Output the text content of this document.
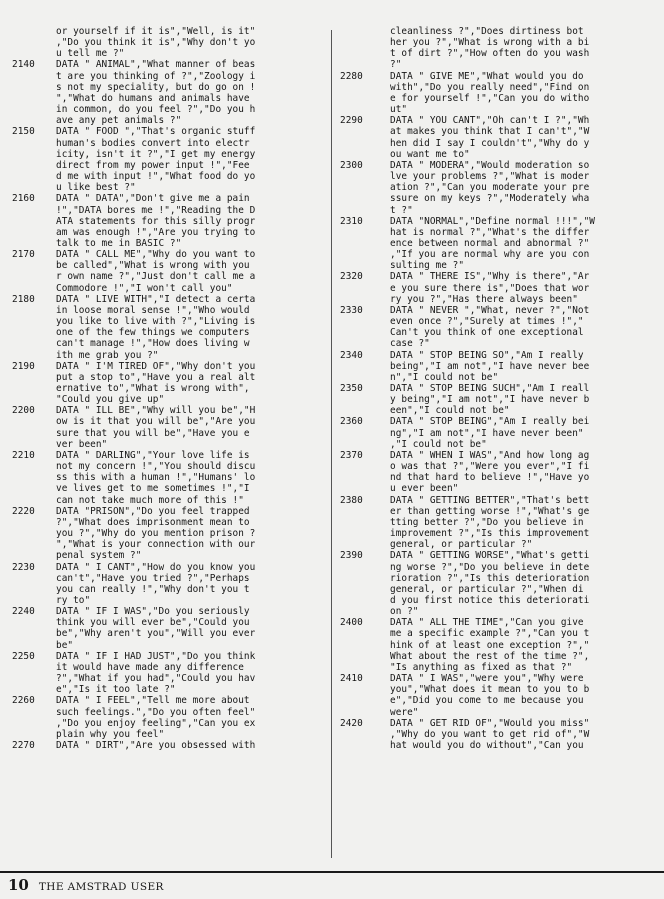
or yourself if it is","Well, is it"
,"Do you think it is","Why don't yo
u tell me ?"
2140	DATA " ANIMAL","What manner of beas
t are you thinking of ?","Zoology i
s not my speciality, but do go on !
","What do humans and animals have
in common, do you feel ?","Do you h
ave any pet animals ?"
2150	DATA " FOOD ","That's organic stuff
human's bodies convert into electr
icity, isn't it ?","I get my energy
direct from my power input !","Fee
d me with input !","What food do yo
u like best ?"
2160	DATA " DATA","Don't give me a pain
!","DATA bores me !","Reading the D
ATA statements for this silly progr
am was enough !","Are you trying to
talk to me in BASIC ?"
2170	DATA " CALL ME","Why do you want to
be called","What is wrong with you
r own name ?","Just don't call me a
Commodore !","I won't call you"
2180	DATA " LIVE WITH","I detect a certa
in loose moral sense !","Who would
you like to live with ?","Living is
one of the few things we computers
can't manage !","How does living w
ith me grab you ?"
2190	DATA " I'M TIRED OF","Why don't you
put a stop to","Have you a real alt
ernative to","What is wrong with",
"Could you give up"
2200	DATA " ILL BE","Why will you be","H
ow is it that you will be","Are you
sure that you will be","Have you e
ver been"
2210	DATA " DARLING","Your love life is
not my concern !","You should discu
ss this with a human !","Humans' lo
ve lives get to me sometimes !","I
can not take much more of this !"
2220	DATA "PRISON","Do you feel trapped
?","What does imprisonment mean to
you ?","Why do you mention prison ?
","What is your connection with our
penal system ?"
2230	DATA " I CANT","How do you know you
can't","Have you tried ?","Perhaps
you can really !","Why don't you t
ry to"
2240	DATA " IF I WAS","Do you seriously
think you will ever be","Could you
be","Why aren't you","Will you ever
be"
2250	DATA " IF I HAD JUST","Do you think
it would have made any difference
?","What if you had","Could you hav
e","Is it too late ?"
2260	DATA " I FEEL","Tell me more about
such feelings.","Do you often feel"
,"Do you enjoy feeling","Can you ex
plain why you feel"
2270	DATA " DIRT","Are you obsessed with
cleanliness ?","Does dirtiness bot
her you ?","What is wrong with a bi
t of dirt ?","How often do you wash
?"
2280	DATA " GIVE ME","What would you do
with","Do you really need","Find on
e for yourself !","Can you do witho
ut"
2290	DATA " YOU CANT","Oh can't I ?","Wh
at makes you think that I can't","W
hen did I say I couldn't","Why do y
ou want me to"
2300	DATA " MODERA","Would moderation so
lve your problems ?","What is moder
ation ?","Can you moderate your pre
ssure on my keys ?","Moderately wha
t ?"
2310	DATA "NORMAL","Define normal !!!","W
hat is normal ?","What's the differ
ence between normal and abnormal ?"
,"If you are normal why are you con
sulting me ?"
2320	DATA " THERE IS","Why is there","Ar
e you sure there is","Does that wor
ry you ?","Has there always been"
2330	DATA " NEVER ","What, never ?","Not
even once ?","Surely at times !","
Can't you think of one exceptional
case ?"
2340	DATA " STOP BEING SO","Am I really
being","I am not","I have never bee
n","I could not be"
2350	DATA " STOP BEING SUCH","Am I reall
y being","I am not","I have never b
een","I could not be"
2360	DATA " STOP BEING","Am I really bei
ng","I am not","I have never been"
,"I could not be"
2370	DATA " WHEN I WAS","And how long ag
o was that ?","Were you ever","I fi
nd that hard to believe !","Have yo
u ever been"
2380	DATA " GETTING BETTER","That's bett
er than getting worse !","What's ge
tting better ?","Do you believe in
improvement ?","Is this improvement
general, or particular ?"
2390	DATA " GETTING WORSE","What's getti
ng worse ?","Do you believe in dete
rioration ?","Is this deterioration
general, or particular ?","When di
d you first notice this deteriorati
on ?"
2400	DATA " ALL THE TIME","Can you give
me a specific example ?","Can you t
hink of at least one exception ?","
What about the rest of the time ?",
"Is anything as fixed as that ?"
2410	DATA " I WAS","were you","Why were
you","What does it mean to you to b
e","Did you come to me because you
were"
2420	DATA " GET RID OF","Would you miss"
,"Why do you want to get rid of","W
hat would you do without","Can you
10 THE AMSTRAD USER
